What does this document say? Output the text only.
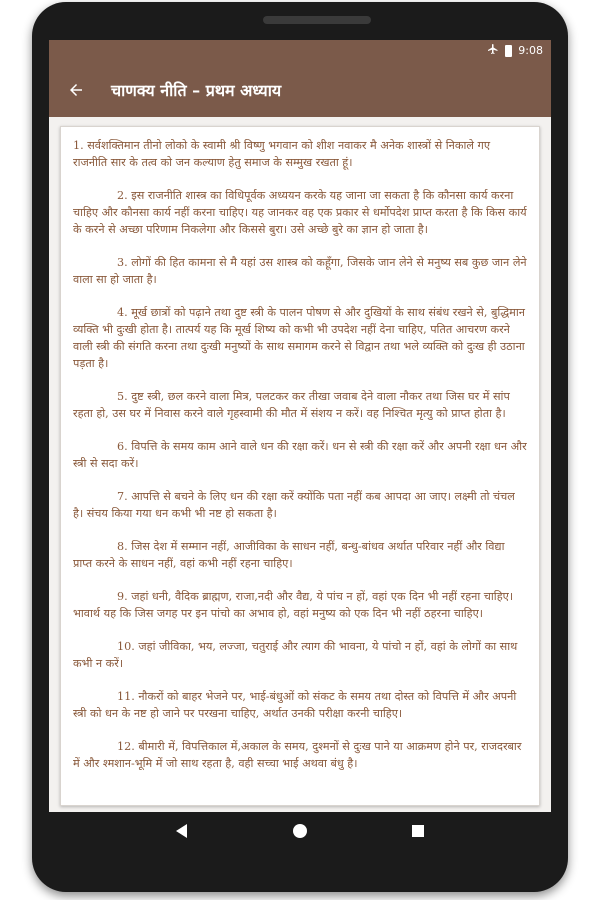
9:08
चाणक्य नीति – प्रथम अध्याय

1. सर्वशक्तिमान तीनो लोको के स्वामी श्री विष्णु भगवान को शीश नवाकर मै अनेक शास्त्रों से निकाले गए राजनीति सार के तत्व को जन कल्याण हेतु समाज के सम्मुख रखता हूं।

2. इस राजनीति शास्त्र का विधिपूर्वक अध्ययन करके यह जाना जा सकता है कि कौनसा कार्य करना चाहिए और कौनसा कार्य नहीं करना चाहिए। यह जानकर वह एक प्रकार से धर्मोपदेश प्राप्त करता है कि किस कार्य के करने से अच्छा परिणाम निकलेगा और किससे बुरा। उसे अच्छे बुरे का ज्ञान हो जाता है।

3. लोगों की हित कामना से मै यहां उस शास्त्र को कहूँगा, जिसके जान लेने से मनुष्य सब कुछ जान लेने वाला सा हो जाता है।

4. मूर्ख छात्रों को पढ़ाने तथा दुष्ट स्त्री के पालन पोषण से और दुखियों के साथ संबंध रखने से, बुद्धिमान व्यक्ति भी दुःखी होता है। तात्पर्य यह कि मूर्ख शिष्य को कभी भी उपदेश नहीं देना चाहिए, पतित आचरण करने वाली स्त्री की संगति करना तथा दुःखी मनुष्यों के साथ समागम करने से विद्वान तथा भले व्यक्ति को दुःख ही उठाना पड़ता है।

5. दुष्ट स्त्री, छल करने वाला मित्र, पलटकर कर तीखा जवाब देने वाला नौकर तथा जिस घर में सांप रहता हो, उस घर में निवास करने वाले गृहस्वामी की मौत में संशय न करें। वह निश्चित मृत्यु को प्राप्त होता है।

6. विपत्ति के समय काम आने वाले धन की रक्षा करें। धन से स्त्री की रक्षा करें और अपनी रक्षा धन और स्त्री से सदा करें।

7. आपत्ति से बचने के लिए धन की रक्षा करें क्योंकि पता नहीं कब आपदा आ जाए। लक्ष्मी तो चंचल है। संचय किया गया धन कभी भी नष्ट हो सकता है।

8. जिस देश में सम्मान नहीं, आजीविका के साधन नहीं, बन्धु-बांधव अर्थात परिवार नहीं और विद्या प्राप्त करने के साधन नहीं, वहां कभी नहीं रहना चाहिए।

9. जहां धनी, वैदिक ब्राह्मण, राजा,नदी और वैद्य, ये पांच न हों, वहां एक दिन भी नहीं रहना चाहिए। भावार्थ यह कि जिस जगह पर इन पांचो का अभाव हो, वहां मनुष्य को एक दिन भी नहीं ठहरना चाहिए।

10. जहां जीविका, भय, लज्जा, चतुराई और त्याग की भावना, ये पांचो न हों, वहां के लोगों का साथ कभी न करें।

11. नौकरों को बाहर भेजने पर, भाई-बंधुओं को संकट के समय तथा दोस्त को विपत्ति में और अपनी स्त्री को धन के नष्ट हो जाने पर परखना चाहिए, अर्थात उनकी परीक्षा करनी चाहिए।

12. बीमारी में, विपत्तिकाल में,अकाल के समय, दुश्मनों से दुःख पाने या आक्रमण होने पर, राजदरबार में और श्मशान-भूमि में जो साथ रहता है, वही सच्चा भाई अथवा बंधु है।
